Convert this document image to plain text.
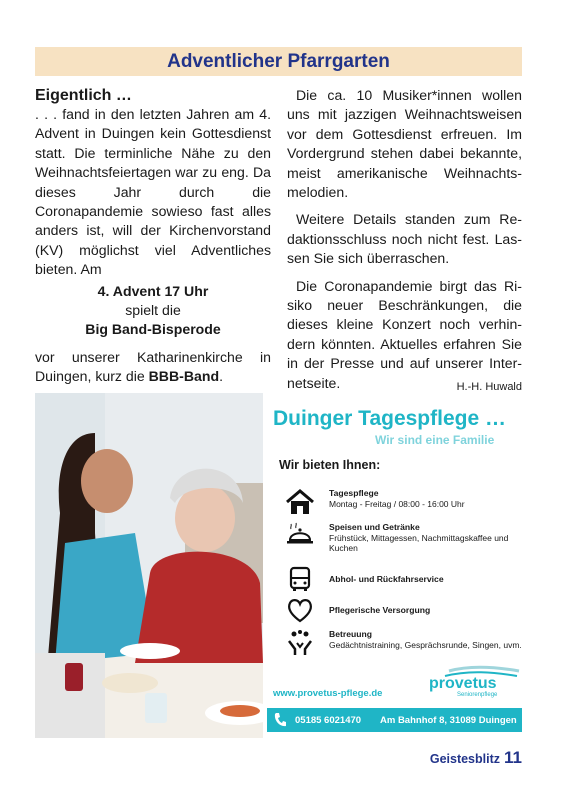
Adventlicher Pfarrgarten
Eigentlich …

. . . fand in den letzten Jahren am 4. Advent in Duingen kein Gottesdienst statt. Die terminliche Nähe zu den Weihnachtsfeiertagen war zu eng. Da dieses Jahr durch die Coronapandemie sowieso fast alles anders ist, will der Kirchenvorstand (KV) möglichst viel Adventliches bieten. Am

4. Advent 17 Uhr
spielt die
Big Band-Bisperode

vor unserer Katharinenkirche in Duingen, kurz die BBB-Band.

Die ca. 10 Musiker*innen wollen uns mit jazzigen Weihnachtsweisen vor dem Gottesdienst erfreuen. Im Vordergrund stehen dabei bekannte, meist amerikanische Weihnachtsmelodien.

Weitere Details standen zum Redaktionsschluss noch nicht fest. Lassen Sie sich überraschen.

Die Coronapandemie birgt das Risiko neuer Beschränkungen, die dieses kleine Konzert noch verhindern könnten. Aktuelles erfahren Sie in der Presse und auf unserer Internetseite.	H.-H. Huwald

Duinger Tagespflege …
Wir sind eine Familie
Wir bieten Ihnen:
Tagespflege
Montag - Freitag / 08:00 - 16:00 Uhr
Speisen und Getränke
Frühstück, Mittagessen, Nachmittagskaffee und Kuchen
Abhol- und Rückfahrservice
Pflegerische Versorgung
Betreuung
Gedächtnistraining, Gesprächsrunde, Singen, uvm.
provetus
Seniorenpflege
www.provetus-pflege.de
05185 6021470 Am Bahnhof 8, 31089 Duingen
Geistesblitz 11
